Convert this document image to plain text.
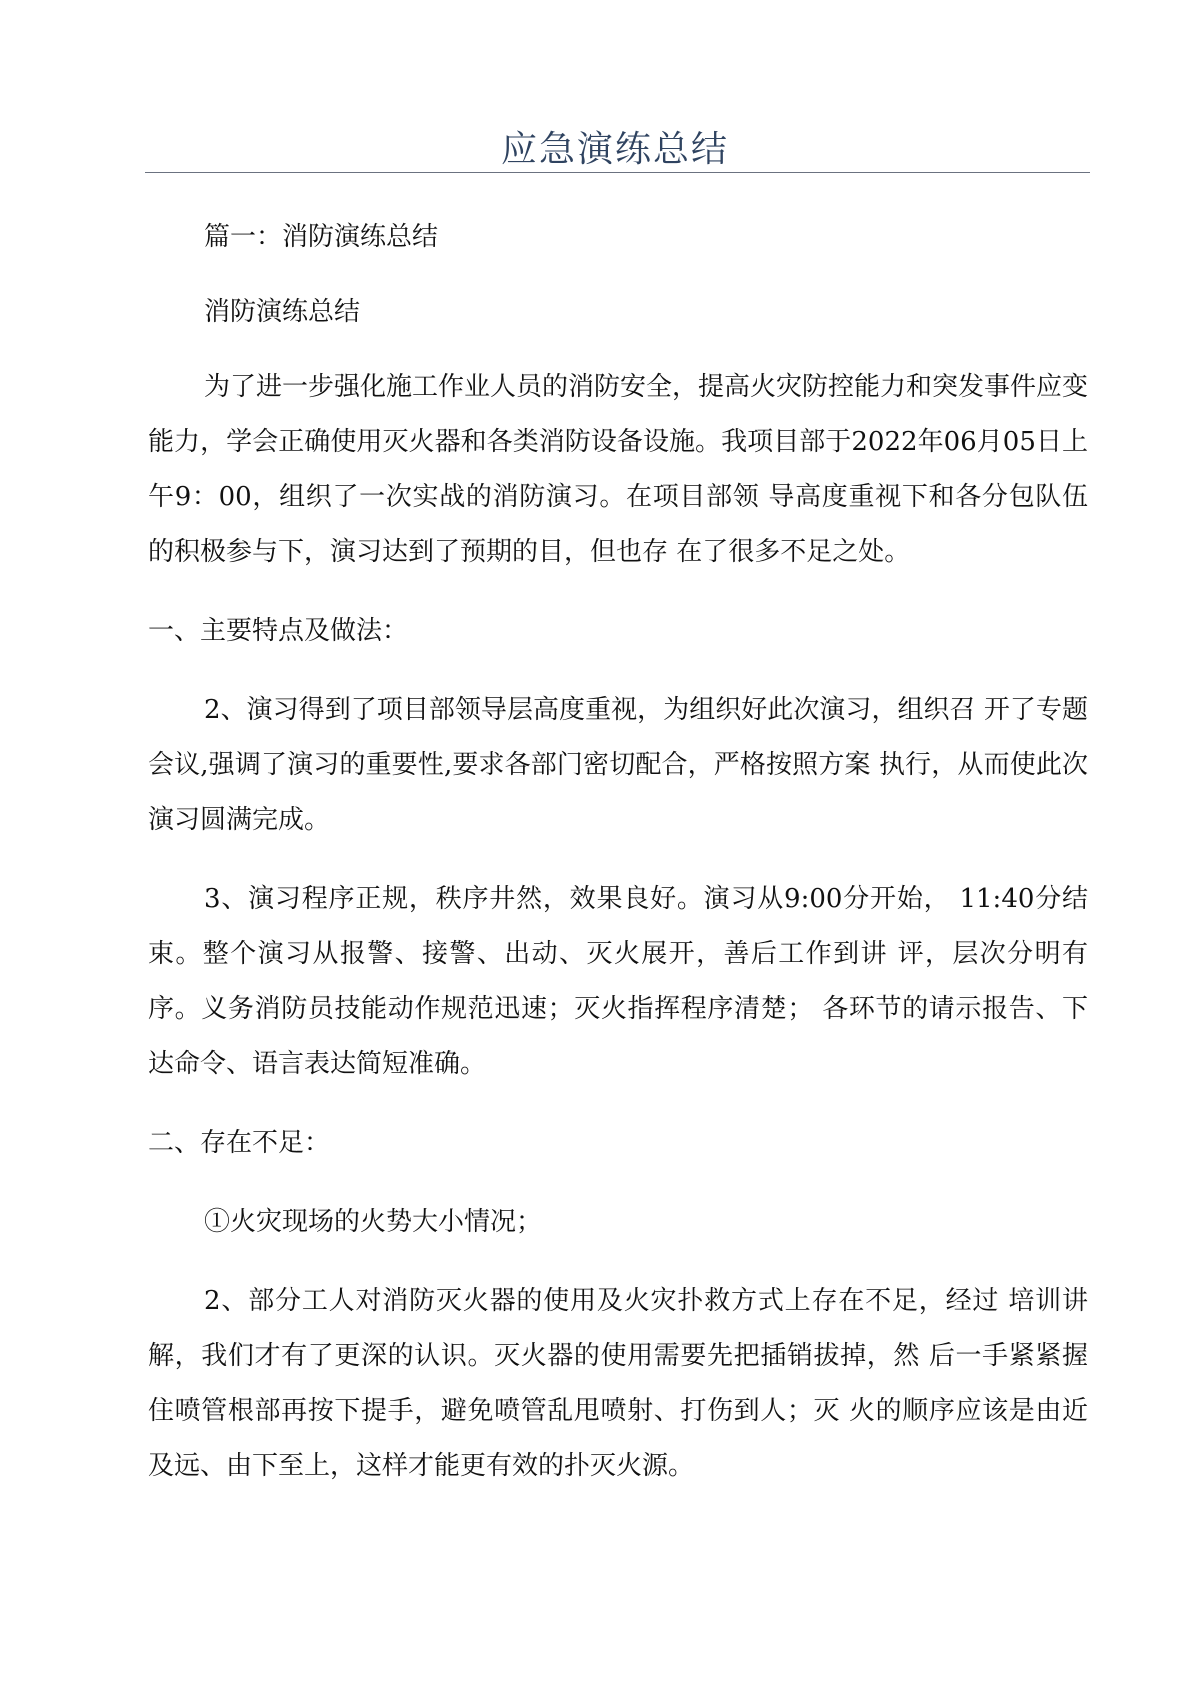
应急演练总结

篇一：消防演练总结

消防演练总结

为了进一步强化施工作业人员的消防安全，提高火灾防控能力和突发事件应变能力，学会正确使用灭火器和各类消防设备设施。我项目部于2022年06月05日上午9：00，组织了一次实战的消防演习。在项目部领 导高度重视下和各分包队伍的积极参与下，演习达到了预期的目，但也存 在了很多不足之处。

一、主要特点及做法：

2、演习得到了项目部领导层高度重视，为组织好此次演习，组织召 开了专题会议,强调了演习的重要性,要求各部门密切配合，严格按照方案 执行，从而使此次演习圆满完成。

3、演习程序正规，秩序井然，效果良好。演习从9:00分开始， 11:40分结束。整个演习从报警、接警、出动、灭火展开，善后工作到讲 评，层次分明有序。义务消防员技能动作规范迅速；灭火指挥程序清楚； 各环节的请示报告、下达命令、语言表达简短准确。

二、存在不足：

①火灾现场的火势大小情况；

2、部分工人对消防灭火器的使用及火灾扑救方式上存在不足，经过 培训讲解，我们才有了更深的认识。灭火器的使用需要先把插销拔掉，然 后一手紧紧握住喷管根部再按下提手，避免喷管乱甩喷射、打伤到人；灭 火的顺序应该是由近及远、由下至上，这样才能更有效的扑灭火源。
